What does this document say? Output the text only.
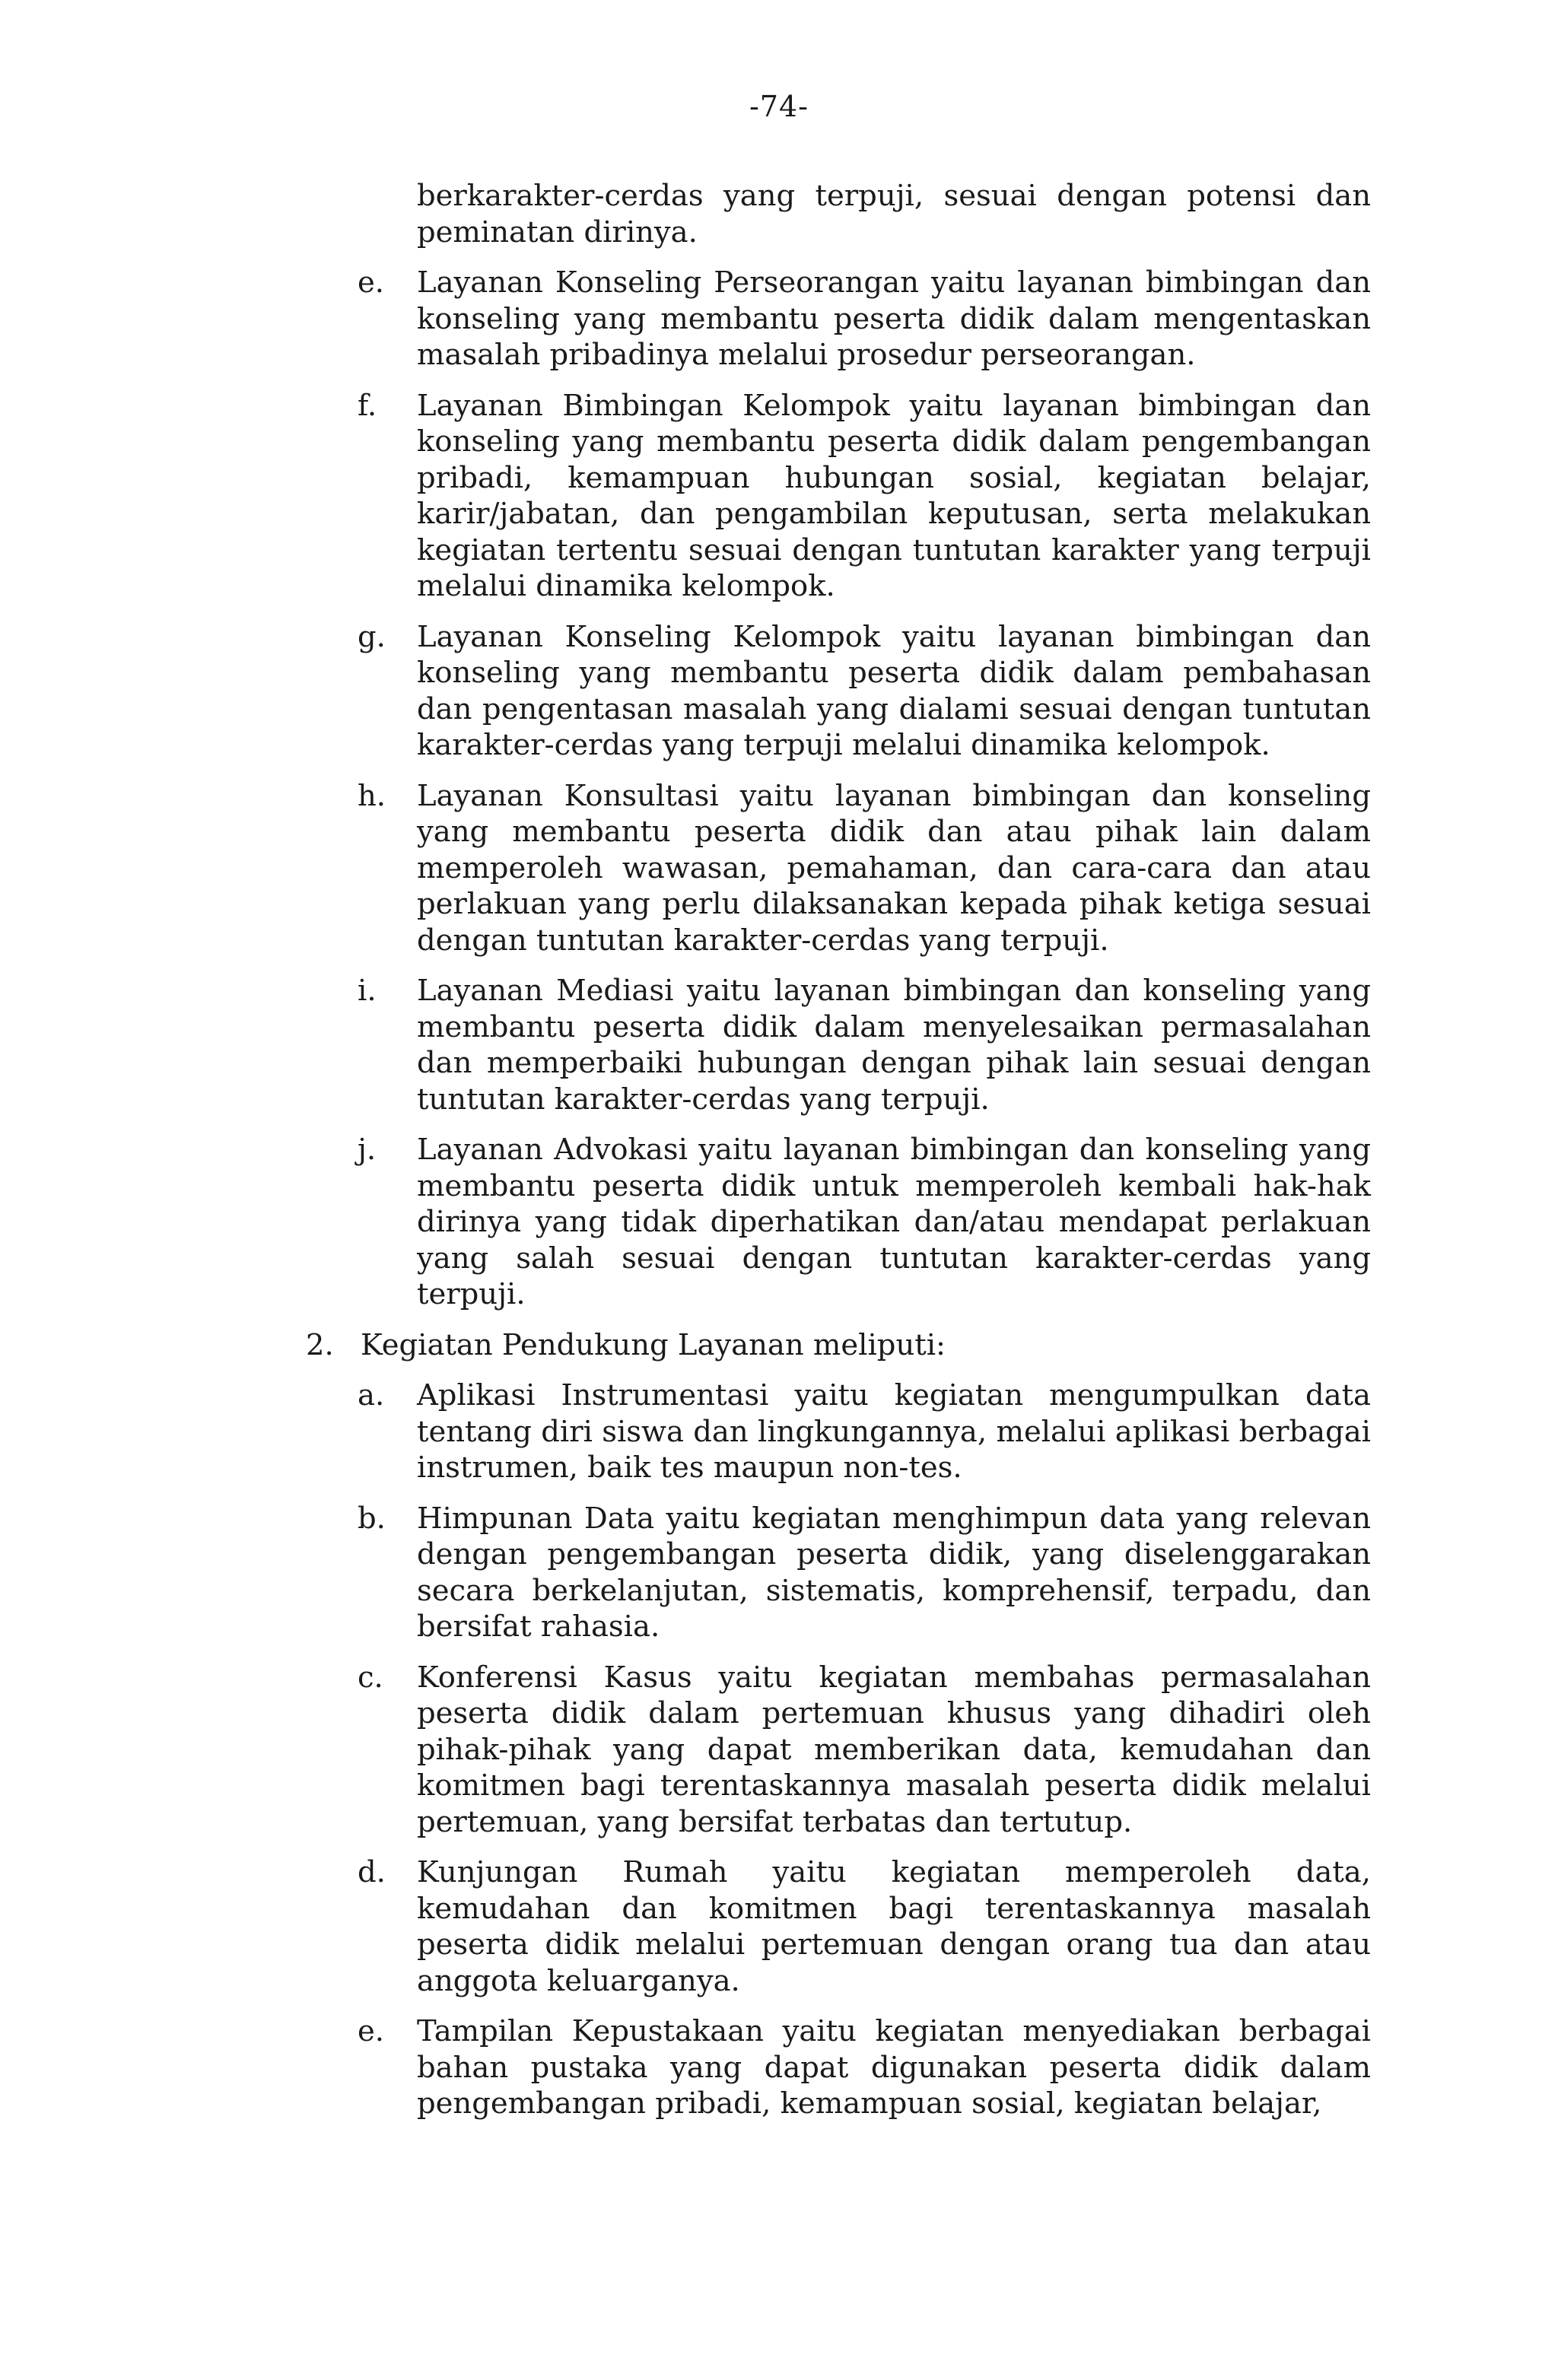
-74-
berkarakter-cerdas yang terpuji, sesuai dengan potensi dan peminatan dirinya.
e. Layanan Konseling Perseorangan yaitu layanan bimbingan dan konseling yang membantu peserta didik dalam mengentaskan masalah pribadinya melalui prosedur perseorangan.
f. Layanan Bimbingan Kelompok yaitu layanan bimbingan dan konseling yang membantu peserta didik dalam pengembangan pribadi, kemampuan hubungan sosial, kegiatan belajar, karir/jabatan, dan pengambilan keputusan, serta melakukan kegiatan tertentu sesuai dengan tuntutan karakter yang terpuji melalui dinamika kelompok.
g. Layanan Konseling Kelompok yaitu layanan bimbingan dan konseling yang membantu peserta didik dalam pembahasan dan pengentasan masalah yang dialami sesuai dengan tuntutan karakter-cerdas yang terpuji melalui dinamika kelompok.
h. Layanan Konsultasi yaitu layanan bimbingan dan konseling yang membantu peserta didik dan atau pihak lain dalam memperoleh wawasan, pemahaman, dan cara-cara dan atau perlakuan yang perlu dilaksanakan kepada pihak ketiga sesuai dengan tuntutan karakter-cerdas yang terpuji.
i. Layanan Mediasi yaitu layanan bimbingan dan konseling yang membantu peserta didik dalam menyelesaikan permasalahan dan memperbaiki hubungan dengan pihak lain sesuai dengan tuntutan karakter-cerdas yang terpuji.
j. Layanan Advokasi yaitu layanan bimbingan dan konseling yang membantu peserta didik untuk memperoleh kembali hak-hak dirinya yang tidak diperhatikan dan/atau mendapat perlakuan yang salah sesuai dengan tuntutan karakter-cerdas yang terpuji.
2. Kegiatan Pendukung Layanan meliputi:
a. Aplikasi Instrumentasi yaitu kegiatan mengumpulkan data tentang diri siswa dan lingkungannya, melalui aplikasi berbagai instrumen, baik tes maupun non-tes.
b. Himpunan Data yaitu kegiatan menghimpun data yang relevan dengan pengembangan peserta didik, yang diselenggarakan secara berkelanjutan, sistematis, komprehensif, terpadu, dan bersifat rahasia.
c. Konferensi Kasus yaitu kegiatan membahas permasalahan peserta didik dalam pertemuan khusus yang dihadiri oleh pihak-pihak yang dapat memberikan data, kemudahan dan komitmen bagi terentaskannya masalah peserta didik melalui pertemuan, yang bersifat terbatas dan tertutup.
d. Kunjungan Rumah yaitu kegiatan memperoleh data, kemudahan dan komitmen bagi terentaskannya masalah peserta didik melalui pertemuan dengan orang tua dan atau anggota keluarganya.
e. Tampilan Kepustakaan yaitu kegiatan menyediakan berbagai bahan pustaka yang dapat digunakan peserta didik dalam pengembangan pribadi, kemampuan sosial, kegiatan belajar,
